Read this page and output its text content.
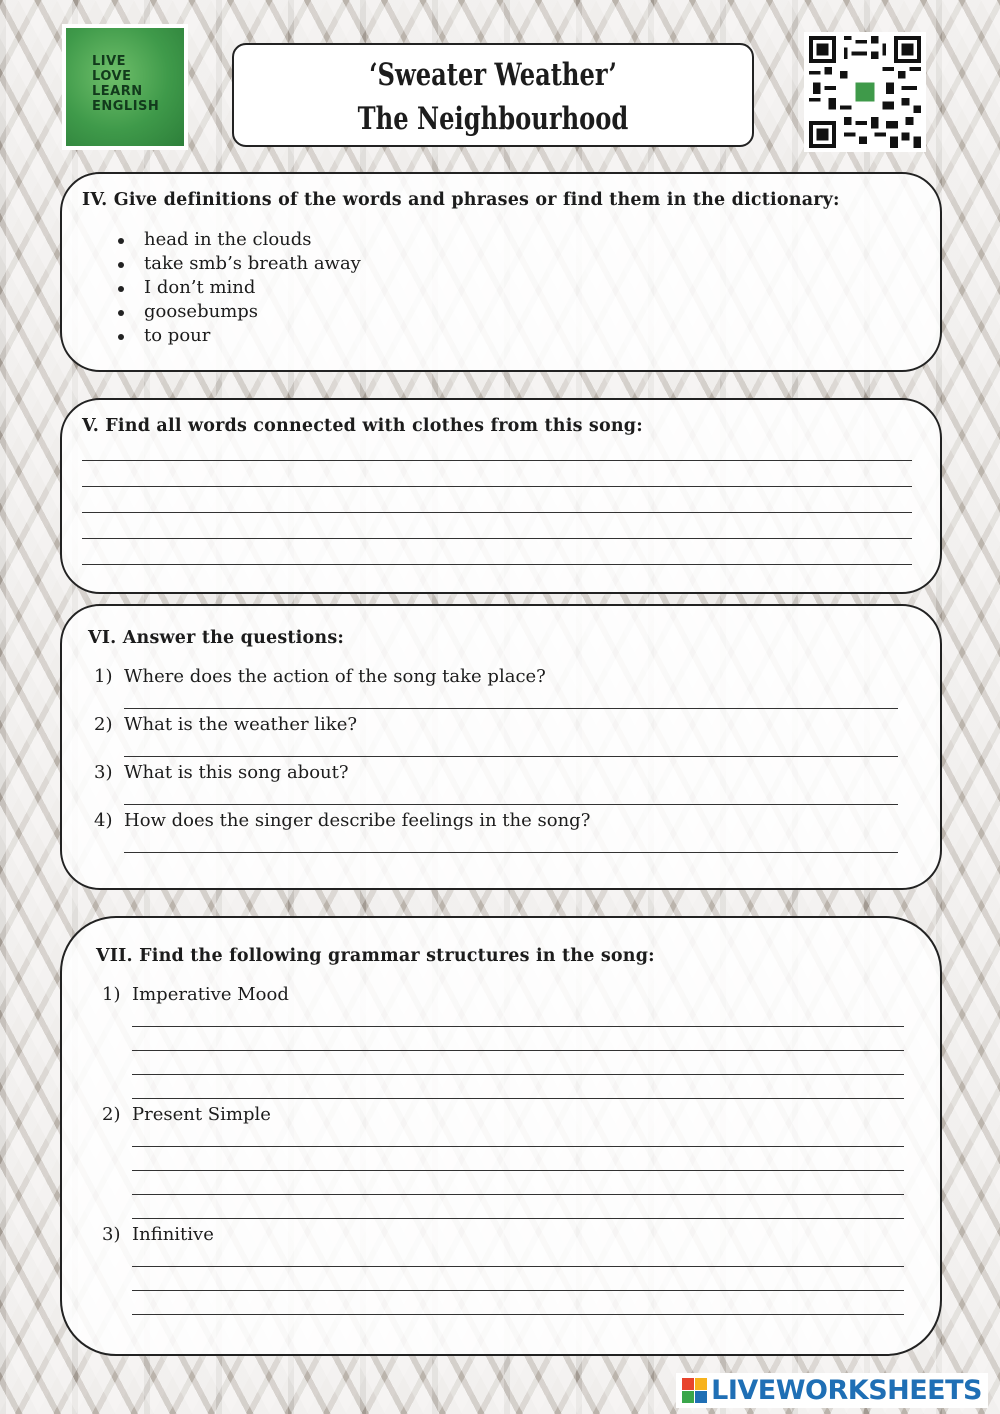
LIVE
LOVE
LEARN
ENGLISH
‘Sweater Weather’
The Neighbourhood
IV. Give definitions of the words and phrases or find them in the dictionary:
head in the clouds
take smb’s breath away
I don’t mind
goosebumps
to pour
V. Find all words connected with clothes from this song:
VI. Answer the questions:
1) Where does the action of the song take place?
2) What is the weather like?
3) What is this song about?
4) How does the singer describe feelings in the song?
VII. Find the following grammar structures in the song:
1) Imperative Mood
2) Present Simple
3) Infinitive
LIVEWORKSHEETS
